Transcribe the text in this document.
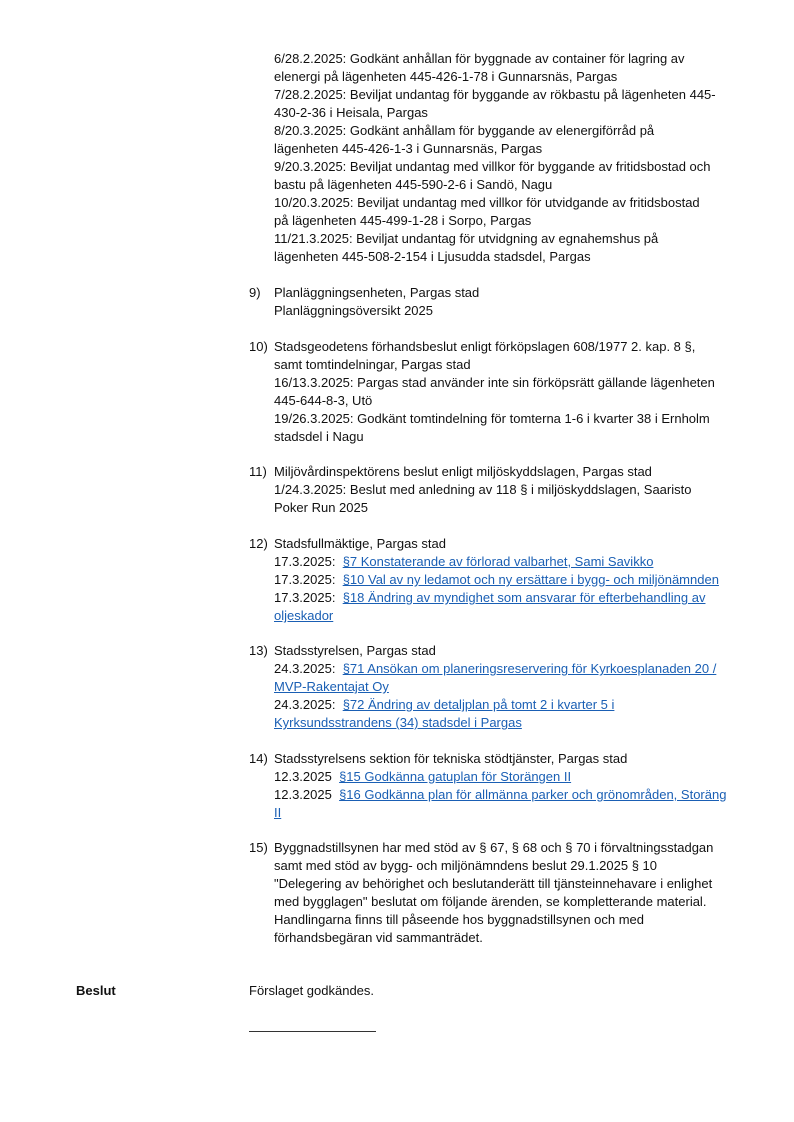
6/28.2.2025: Godkänt anhållan för byggnade av container för lagring av
elenergi på lägenheten 445-426-1-78 i Gunnarsnäs, Pargas
7/28.2.2025: Beviljat undantag för byggande av rökbastu på lägenheten 445-
430-2-36 i Heisala, Pargas
8/20.3.2025: Godkänt anhållam för byggande av elenergiförråd på
lägenheten 445-426-1-3 i Gunnarsnäs, Pargas
9/20.3.2025: Beviljat undantag med villkor för byggande av fritidsbostad och
bastu på lägenheten 445-590-2-6 i Sandö, Nagu
10/20.3.2025: Beviljat undantag med villkor för utvidgande av fritidsbostad
på lägenheten 445-499-1-28 i Sorpo, Pargas
11/21.3.2025: Beviljat undantag för utvidgning av egnahemshus på
lägenheten 445-508-2-154 i Ljusudda stadsdel, Pargas
9) Planläggningsenheten, Pargas stad
Planläggningsöversikt 2025
10) Stadsgeodetens förhandsbeslut enligt förköpslagen 608/1977 2. kap. 8 §,
samt tomtindelningar, Pargas stad
16/13.3.2025: Pargas stad använder inte sin förköpsrätt gällande lägenheten
445-644-8-3, Utö
19/26.3.2025: Godkänt tomtindelning för tomterna 1-6 i kvarter 38 i Ernholm
stadsdel i Nagu
11) Miljövårdinspektörens beslut enligt miljöskyddslagen, Pargas stad
1/24.3.2025: Beslut med anledning av 118 § i miljöskyddslagen, Saaristo
Poker Run 2025
12) Stadsfullmäktige, Pargas stad
17.3.2025: §7 Konstaterande av förlorad valbarhet, Sami Savikko
17.3.2025: §10 Val av ny ledamot och ny ersättare i bygg- och miljönämnden
17.3.2025: §18 Ändring av myndighet som ansvarar för efterbehandling av
oljeskador
13) Stadsstyrelsen, Pargas stad
24.3.2025: §71 Ansökan om planeringsreservering för Kyrkoesplanaden 20 /
MVP-Rakentajat Oy
24.3.2025: §72 Ändring av detaljplan på tomt 2 i kvarter 5 i
Kyrksundsstrandens (34) stadsdel i Pargas
14) Stadsstyrelsens sektion för tekniska stödtjänster, Pargas stad
12.3.2025 §15 Godkänna gatuplan för Storängen II
12.3.2025 §16 Godkänna plan för allmänna parker och grönområden, Storäng
II
15) Byggnadstillsynen har med stöd av § 67, § 68 och § 70 i förvaltningsstadgan
samt med stöd av bygg- och miljönämndens beslut 29.1.2025 § 10
"Delegering av behörighet och beslutanderätt till tjänsteinnehavare i enlighet
med bygglagen" beslutat om följande ärenden, se kompletterande material.
Handlingarna finns till påseende hos byggnadstillsynen och med
förhandsbegäran vid sammanträdet.
Beslut	Förslaget godkändes.
